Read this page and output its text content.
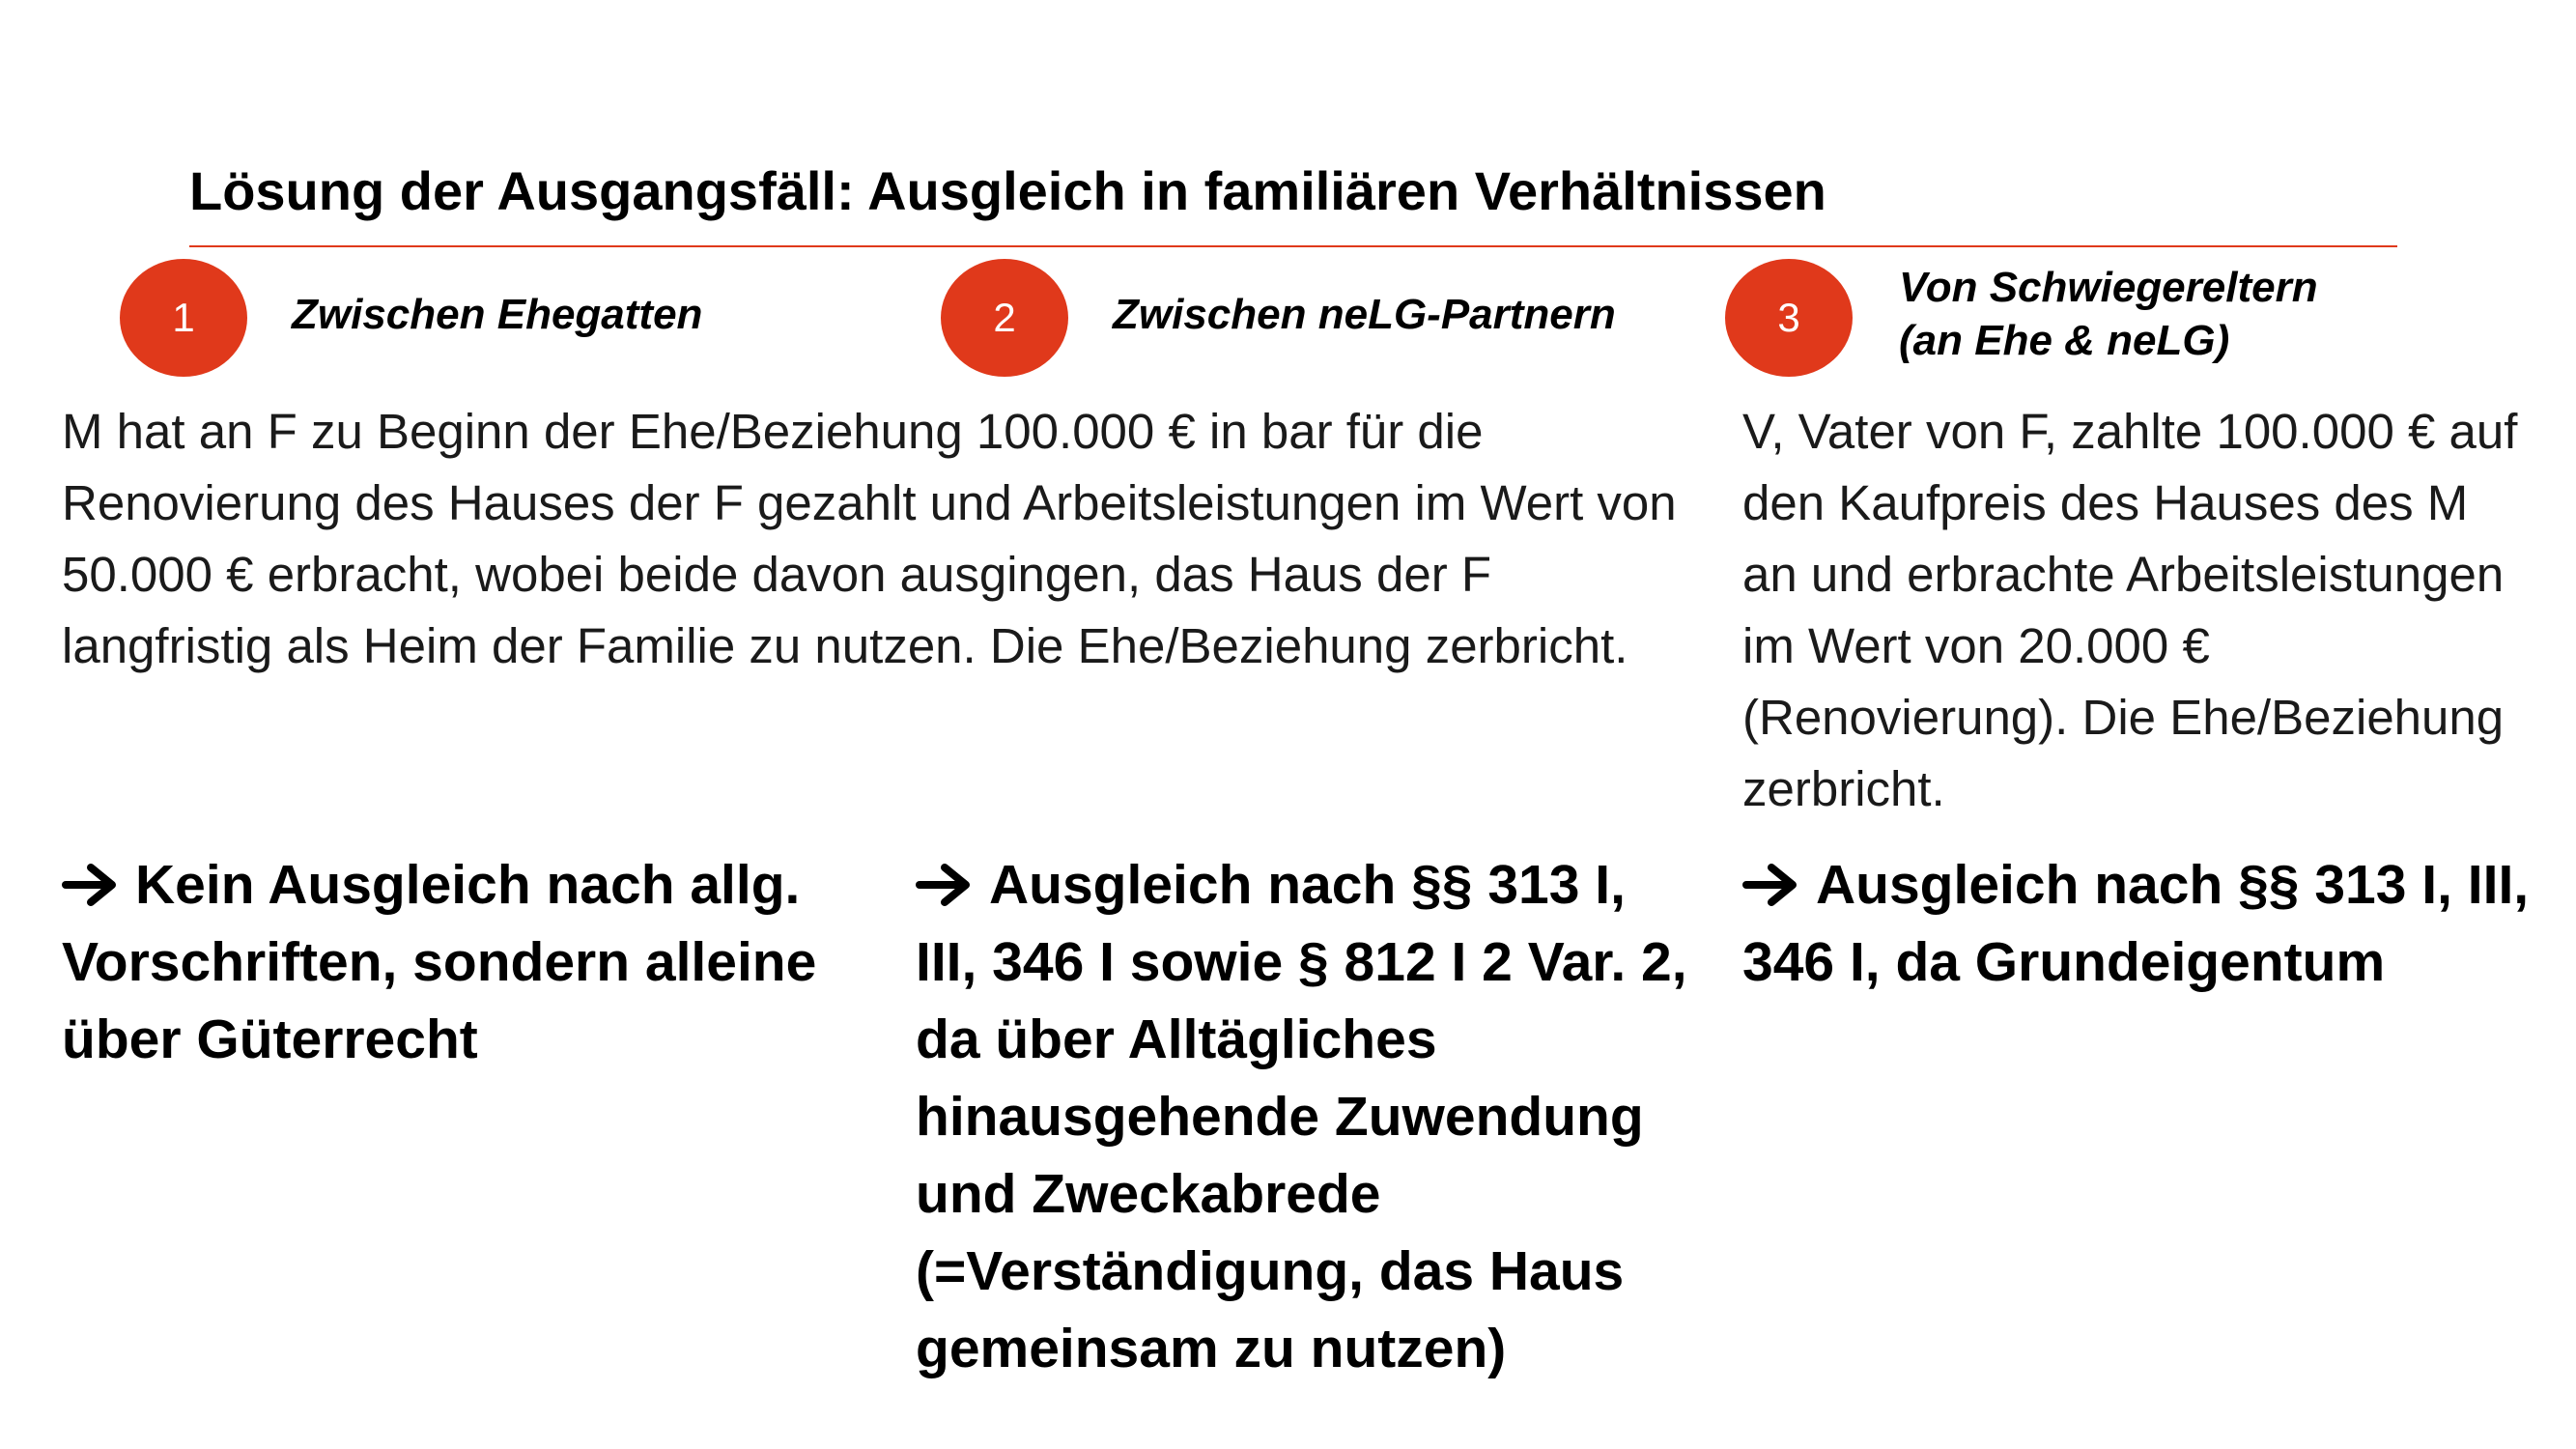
Lösung der Ausgangsfäll: Ausgleich in familiären Verhältnissen
1 Zwischen Ehegatten	2 Zwischen neLG-Partnern	3
Von Schwiegereltern
(an Ehe & neLG)
M hat an F zu Beginn der Ehe/Beziehung 100.000 € in bar für die Renovierung des Hauses der F gezahlt und Arbeitsleistungen im Wert von 50.000 € erbracht, wobei beide davon ausgingen, das Haus der F langfristig als Heim der Familie zu nutzen. Die Ehe/Beziehung zerbricht.
V, Vater von F, zahlte 100.000 € auf den Kaufpreis des Hauses des M an und erbrachte Arbeitsleistungen im Wert von 20.000 € (Renovierung). Die Ehe/Beziehung zerbricht.
Kein Ausgleich nach allg. Vorschriften, sondern alleine über Güterrecht
Ausgleich nach §§ 313 I, III, 346 I sowie § 812 I 2 Var. 2, da über Alltägliches hinausgehende Zuwendung und Zweckabrede (=Verständigung, das Haus gemeinsam zu nutzen)
Ausgleich nach §§ 313 I, III, 346 I, da Grundeigentum
